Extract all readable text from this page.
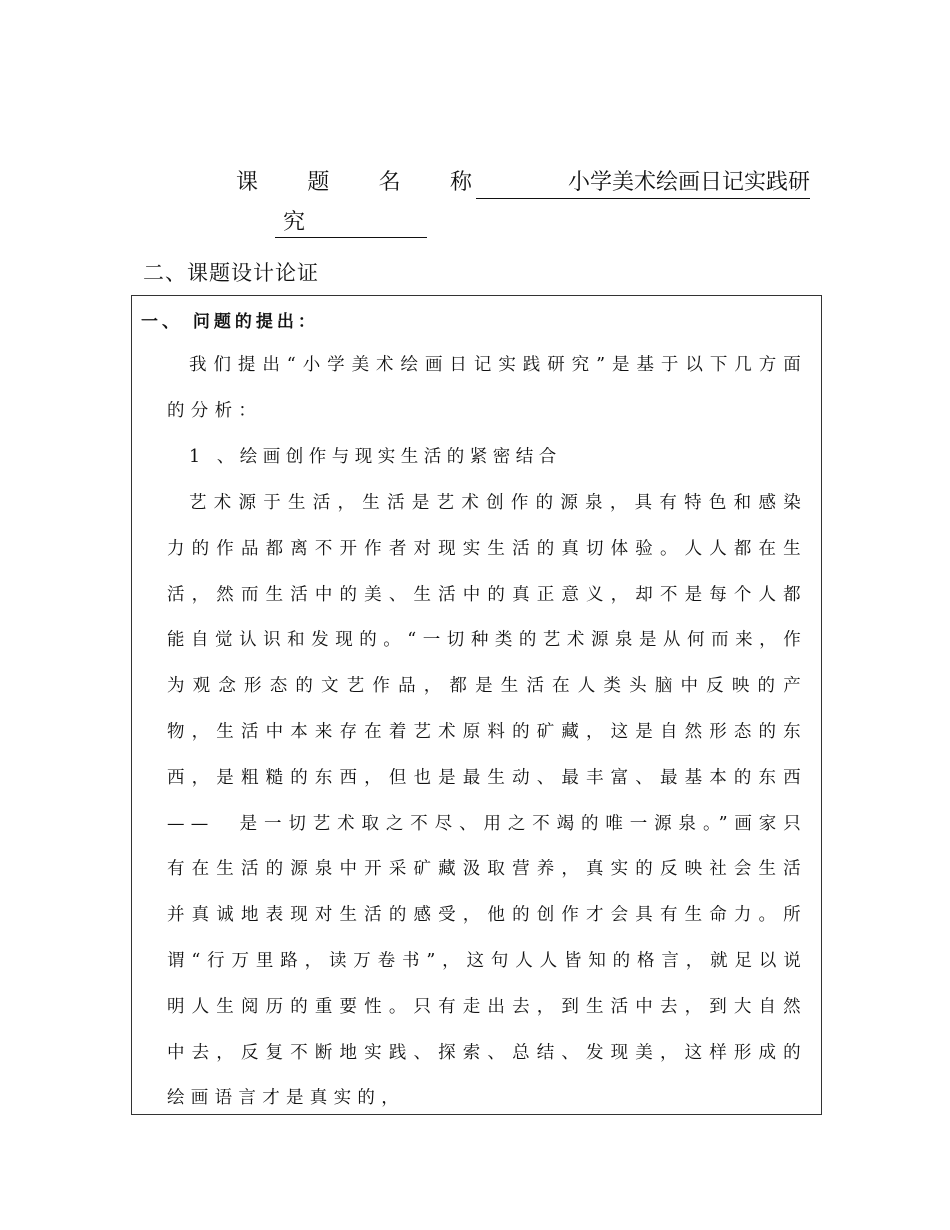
课 题 名 称	小学美术绘画日记实践研
究
二、课题设计论证
一、 问题的提出：
我们提出“小学美术绘画日记实践研究”是基于以下几方面的分析：
1 、绘画创作与现实生活的紧密结合
艺术源于生活，生活是艺术创作的源泉，具有特色和感染力的作品都离不开作者对现实生活的真切体验。人人都在生活，然而生活中的美、生活中的真正意义，却不是每个人都能自觉认识和发现的。“一切种类的艺术源泉是从何而来，作为观念形态的文艺作品，都是生活在人类头脑中反映的产物，生活中本来存在着艺术原料的矿藏，这是自然形态的东西，是粗糙的东西，但也是最生动、最丰富、最基本的东西——　是一切艺术取之不尽、用之不竭的唯一源泉。”画家只有在生活的源泉中开采矿藏汲取营养，真实的反映社会生活并真诚地表现对生活的感受，他的创作才会具有生命力。所谓“行万里路，读万卷书”，这句人人皆知的格言，就足以说明人生阅历的重要性。只有走出去，到生活中去，到大自然中去，反复不断地实践、探索、总结、发现美，这样形成的绘画语言才是真实的，
